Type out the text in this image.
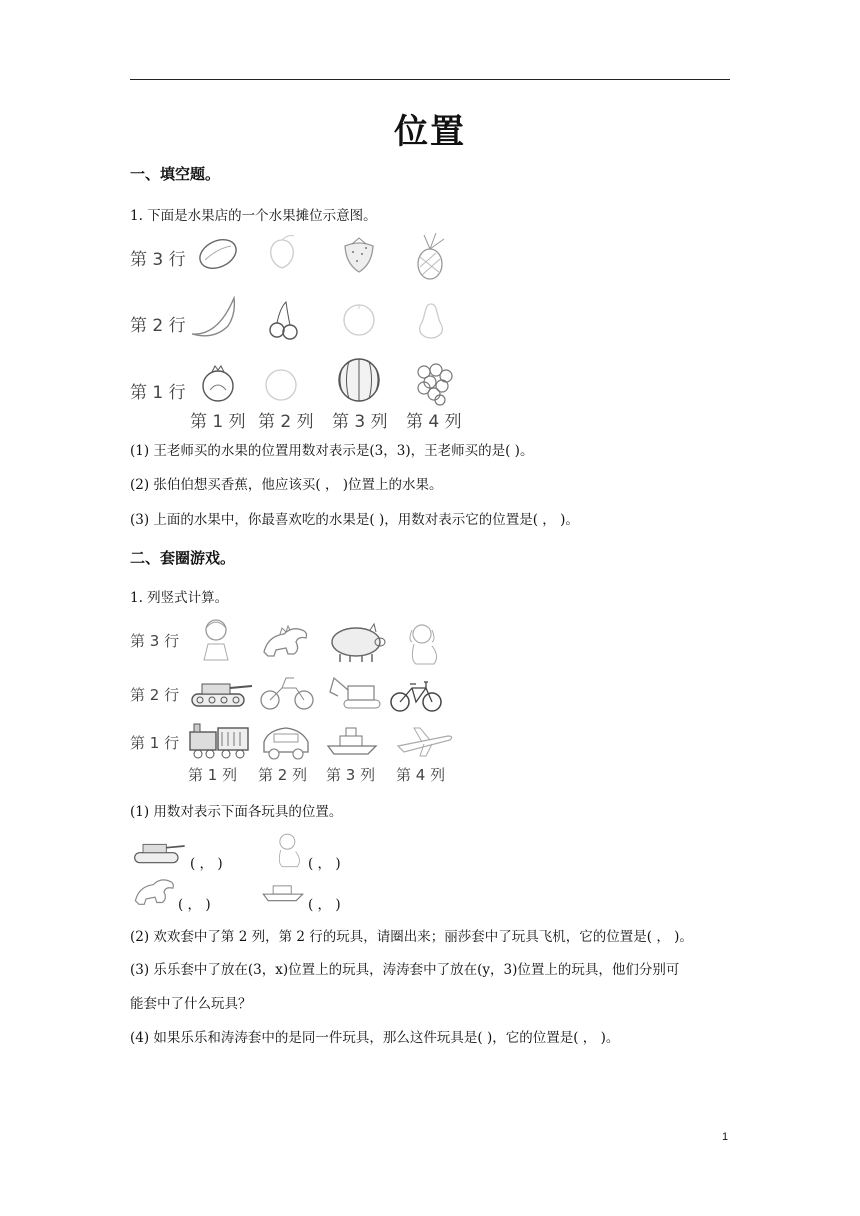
位置
一、填空题。
1. 下面是水果店的一个水果摊位示意图。
第 3 行
第 2 行
第 1 行
第 1 列 第 2 列 第 3 列 第 4 列
(1) 王老师买的水果的位置用数对表示是(3，3)，王老师买的是( )。
(2) 张伯伯想买香蕉，他应该买( ， )位置上的水果。
(3) 上面的水果中，你最喜欢吃的水果是( )，用数对表示它的位置是( ， )。
二、套圈游戏。
1. 列竖式计算。
第 3 行
第 2 行
第 1 行
第 1 列 第 2 列 第 3 列 第 4 列
(1) 用数对表示下面各玩具的位置。
( ， )	( ， )
( ， )	( ， )
(2) 欢欢套中了第 2 列，第 2 行的玩具，请圈出来；丽莎套中了玩具飞机，它的位置是( ， )。
(3) 乐乐套中了放在(3，x)位置上的玩具，涛涛套中了放在(y，3)位置上的玩具，他们分别可
能套中了什么玩具？
(4) 如果乐乐和涛涛套中的是同一件玩具，那么这件玩具是( )，它的位置是( ， )。
1
